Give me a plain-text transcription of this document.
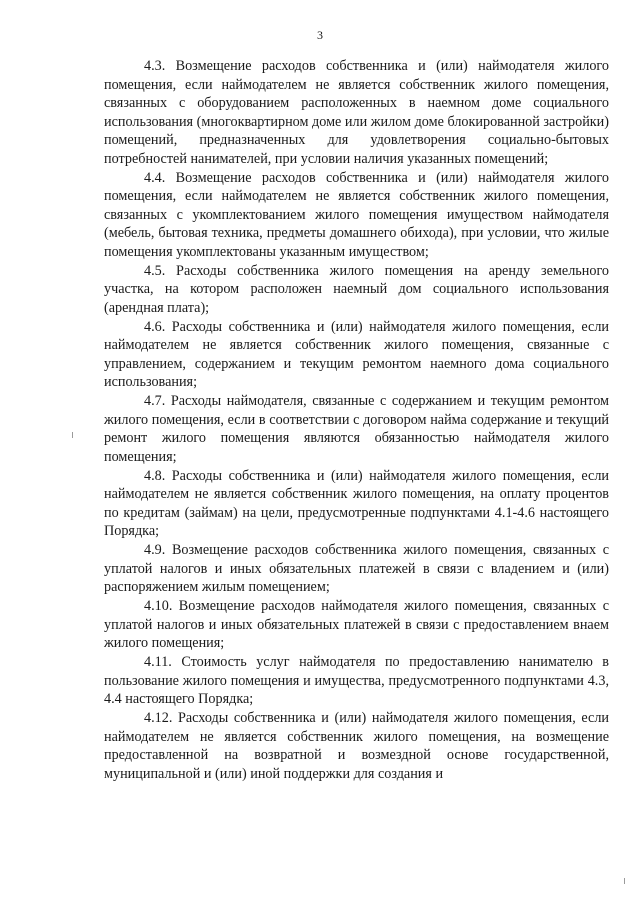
3

4.3. Возмещение расходов собственника и (или) наймодателя жилого помещения, если наймодателем не является собственник жилого помещения, связанных с оборудованием расположенных в наемном доме социального использования (многоквартирном доме или жилом доме блокированной застройки) помещений, предназначенных для удовлетворения социально-бытовых потребностей нанимателей, при условии наличия указанных помещений;

4.4. Возмещение расходов собственника и (или) наймодателя жилого помещения, если наймодателем не является собственник жилого помещения, связанных с укомплектованием жилого помещения имуществом наймодателя (мебель, бытовая техника, предметы домашнего обихода), при условии, что жилые помещения укомплектованы указанным имуществом;

4.5. Расходы собственника жилого помещения на аренду земельного участка, на котором расположен наемный дом социального использования (арендная плата);

4.6. Расходы собственника и (или) наймодателя жилого помещения, если наймодателем не является собственник жилого помещения, связанные с управлением, содержанием и текущим ремонтом наемного дома социального использования;

4.7. Расходы наймодателя, связанные с содержанием и текущим ремонтом жилого помещения, если в соответствии с договором найма содержание и текущий ремонт жилого помещения являются обязанностью наймодателя жилого помещения;

4.8. Расходы собственника и (или) наймодателя жилого помещения, если наймодателем не является собственник жилого помещения, на оплату процентов по кредитам (займам) на цели, предусмотренные подпунктами 4.1-4.6 настоящего Порядка;

4.9. Возмещение расходов собственника жилого помещения, связанных с уплатой налогов и иных обязательных платежей в связи с владением и (или) распоряжением жилым помещением;

4.10. Возмещение расходов наймодателя жилого помещения, связанных с уплатой налогов и иных обязательных платежей в связи с предоставлением внаем жилого помещения;

4.11. Стоимость услуг наймодателя по предоставлению нанимателю в пользование жилого помещения и имущества, предусмотренного подпунктами 4.3, 4.4 настоящего Порядка;

4.12. Расходы собственника и (или) наймодателя жилого помещения, если наймодателем не является собственник жилого помещения, на возмещение предоставленной на возвратной и возмездной основе государственной, муниципальной и (или) иной поддержки для создания и
